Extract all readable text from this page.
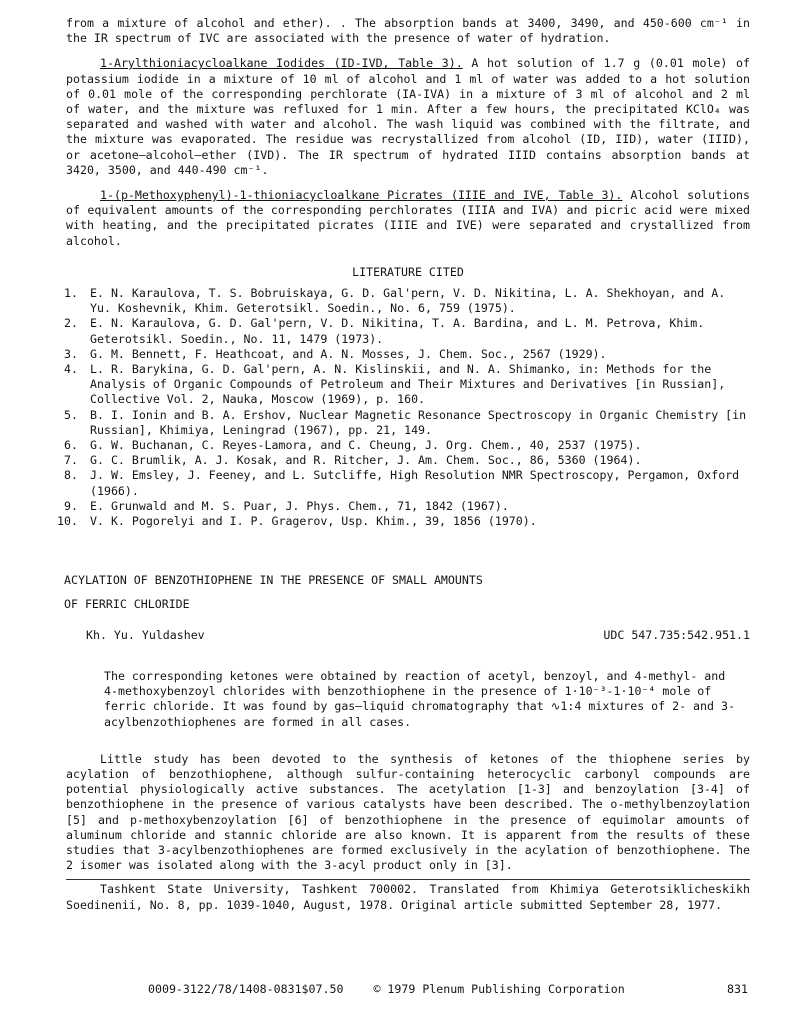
from a mixture of alcohol and ether). . The absorption bands at 3400, 3490, and 450-600 cm⁻¹ in the IR spectrum of IVC are associated with the presence of water of hydration.

1-Arylthioniacycloalkane Iodides (ID-IVD, Table 3). A hot solution of 1.7 g (0.01 mole) of potassium iodide in a mixture of 10 ml of alcohol and 1 ml of water was added to a hot solution of 0.01 mole of the corresponding perchlorate (IA-IVA) in a mixture of 3 ml of alcohol and 2 ml of water, and the mixture was refluxed for 1 min. After a few hours, the precipitated KClO₄ was separated and washed with water and alcohol. The wash liquid was combined with the filtrate, and the mixture was evaporated. The residue was recrystallized from alcohol (ID, IID), water (IIID), or acetone—alcohol—ether (IVD). The IR spectrum of hydrated IIID contains absorption bands at 3420, 3500, and 440-490 cm⁻¹.

1-(p-Methoxyphenyl)-1-thioniacycloalkane Picrates (IIIE and IVE, Table 3). Alcohol solutions of equivalent amounts of the corresponding perchlorates (IIIA and IVA) and picric acid were mixed with heating, and the precipitated picrates (IIIE and IVE) were separated and crystallized from alcohol.

LITERATURE CITED

1.	E. N. Karaulova, T. S. Bobruiskaya, G. D. Gal'pern, V. D. Nikitina, L. A. Shekhoyan, and A. Yu. Koshevnik, Khim. Geterotsikl. Soedin., No. 6, 759 (1975).
2.	E. N. Karaulova, G. D. Gal'pern, V. D. Nikitina, T. A. Bardina, and L. M. Petrova, Khim. Geterotsikl. Soedin., No. 11, 1479 (1973).
3.	G. M. Bennett, F. Heathcoat, and A. N. Mosses, J. Chem. Soc., 2567 (1929).
4.	L. R. Barykina, G. D. Gal'pern, A. N. Kislinskii, and N. A. Shimanko, in: Methods for the Analysis of Organic Compounds of Petroleum and Their Mixtures and Derivatives [in Russian], Collective Vol. 2, Nauka, Moscow (1969), p. 160.
5.	B. I. Ionin and B. A. Ershov, Nuclear Magnetic Resonance Spectroscopy in Organic Chemistry [in Russian], Khimiya, Leningrad (1967), pp. 21, 149.
6.	G. W. Buchanan, C. Reyes-Lamora, and C. Cheung, J. Org. Chem., 40, 2537 (1975).
7.	G. C. Brumlik, A. J. Kosak, and R. Ritcher, J. Am. Chem. Soc., 86, 5360 (1964).
8.	J. W. Emsley, J. Feeney, and L. Sutcliffe, High Resolution NMR Spectroscopy, Pergamon, Oxford (1966).
9.	E. Grunwald and M. S. Puar, J. Phys. Chem., 71, 1842 (1967).
10.	V. K. Pogorelyi and I. P. Gragerov, Usp. Khim., 39, 1856 (1970).

ACYLATION OF BENZOTHIOPHENE IN THE PRESENCE OF SMALL AMOUNTS

OF FERRIC CHLORIDE

Kh. Yu. Yuldashev	UDC 547.735:542.951.1

The corresponding ketones were obtained by reaction of acetyl, benzoyl, and 4-methyl- and 4-methoxybenzoyl chlorides with benzothiophene in the presence of 1·10⁻³-1·10⁻⁴ mole of ferric chloride. It was found by gas—liquid chromatography that ∿1:4 mixtures of 2- and 3-acylbenzothiophenes are formed in all cases.

Little study has been devoted to the synthesis of ketones of the thiophene series by acylation of benzothiophene, although sulfur-containing heterocyclic carbonyl compounds are potential physiologically active substances. The acetylation [1-3] and benzoylation [3-4] of benzothiophene in the presence of various catalysts have been described. The o-methylbenzoylation [5] and p-methoxybenzoylation [6] of benzothiophene in the presence of equimolar amounts of aluminum chloride and stannic chloride are also known. It is apparent from the results of these studies that 3-acylbenzothiophenes are formed exclusively in the acylation of benzothiophene. The 2 isomer was isolated along with the 3-acyl product only in [3].

Tashkent State University, Tashkent 700002. Translated from Khimiya Geterotsiklicheskikh Soedinenii, No. 8, pp. 1039-1040, August, 1978. Original article submitted September 28, 1977.

0009-3122/78/1408-0831$07.50	© 1979 Plenum Publishing Corporation	831
